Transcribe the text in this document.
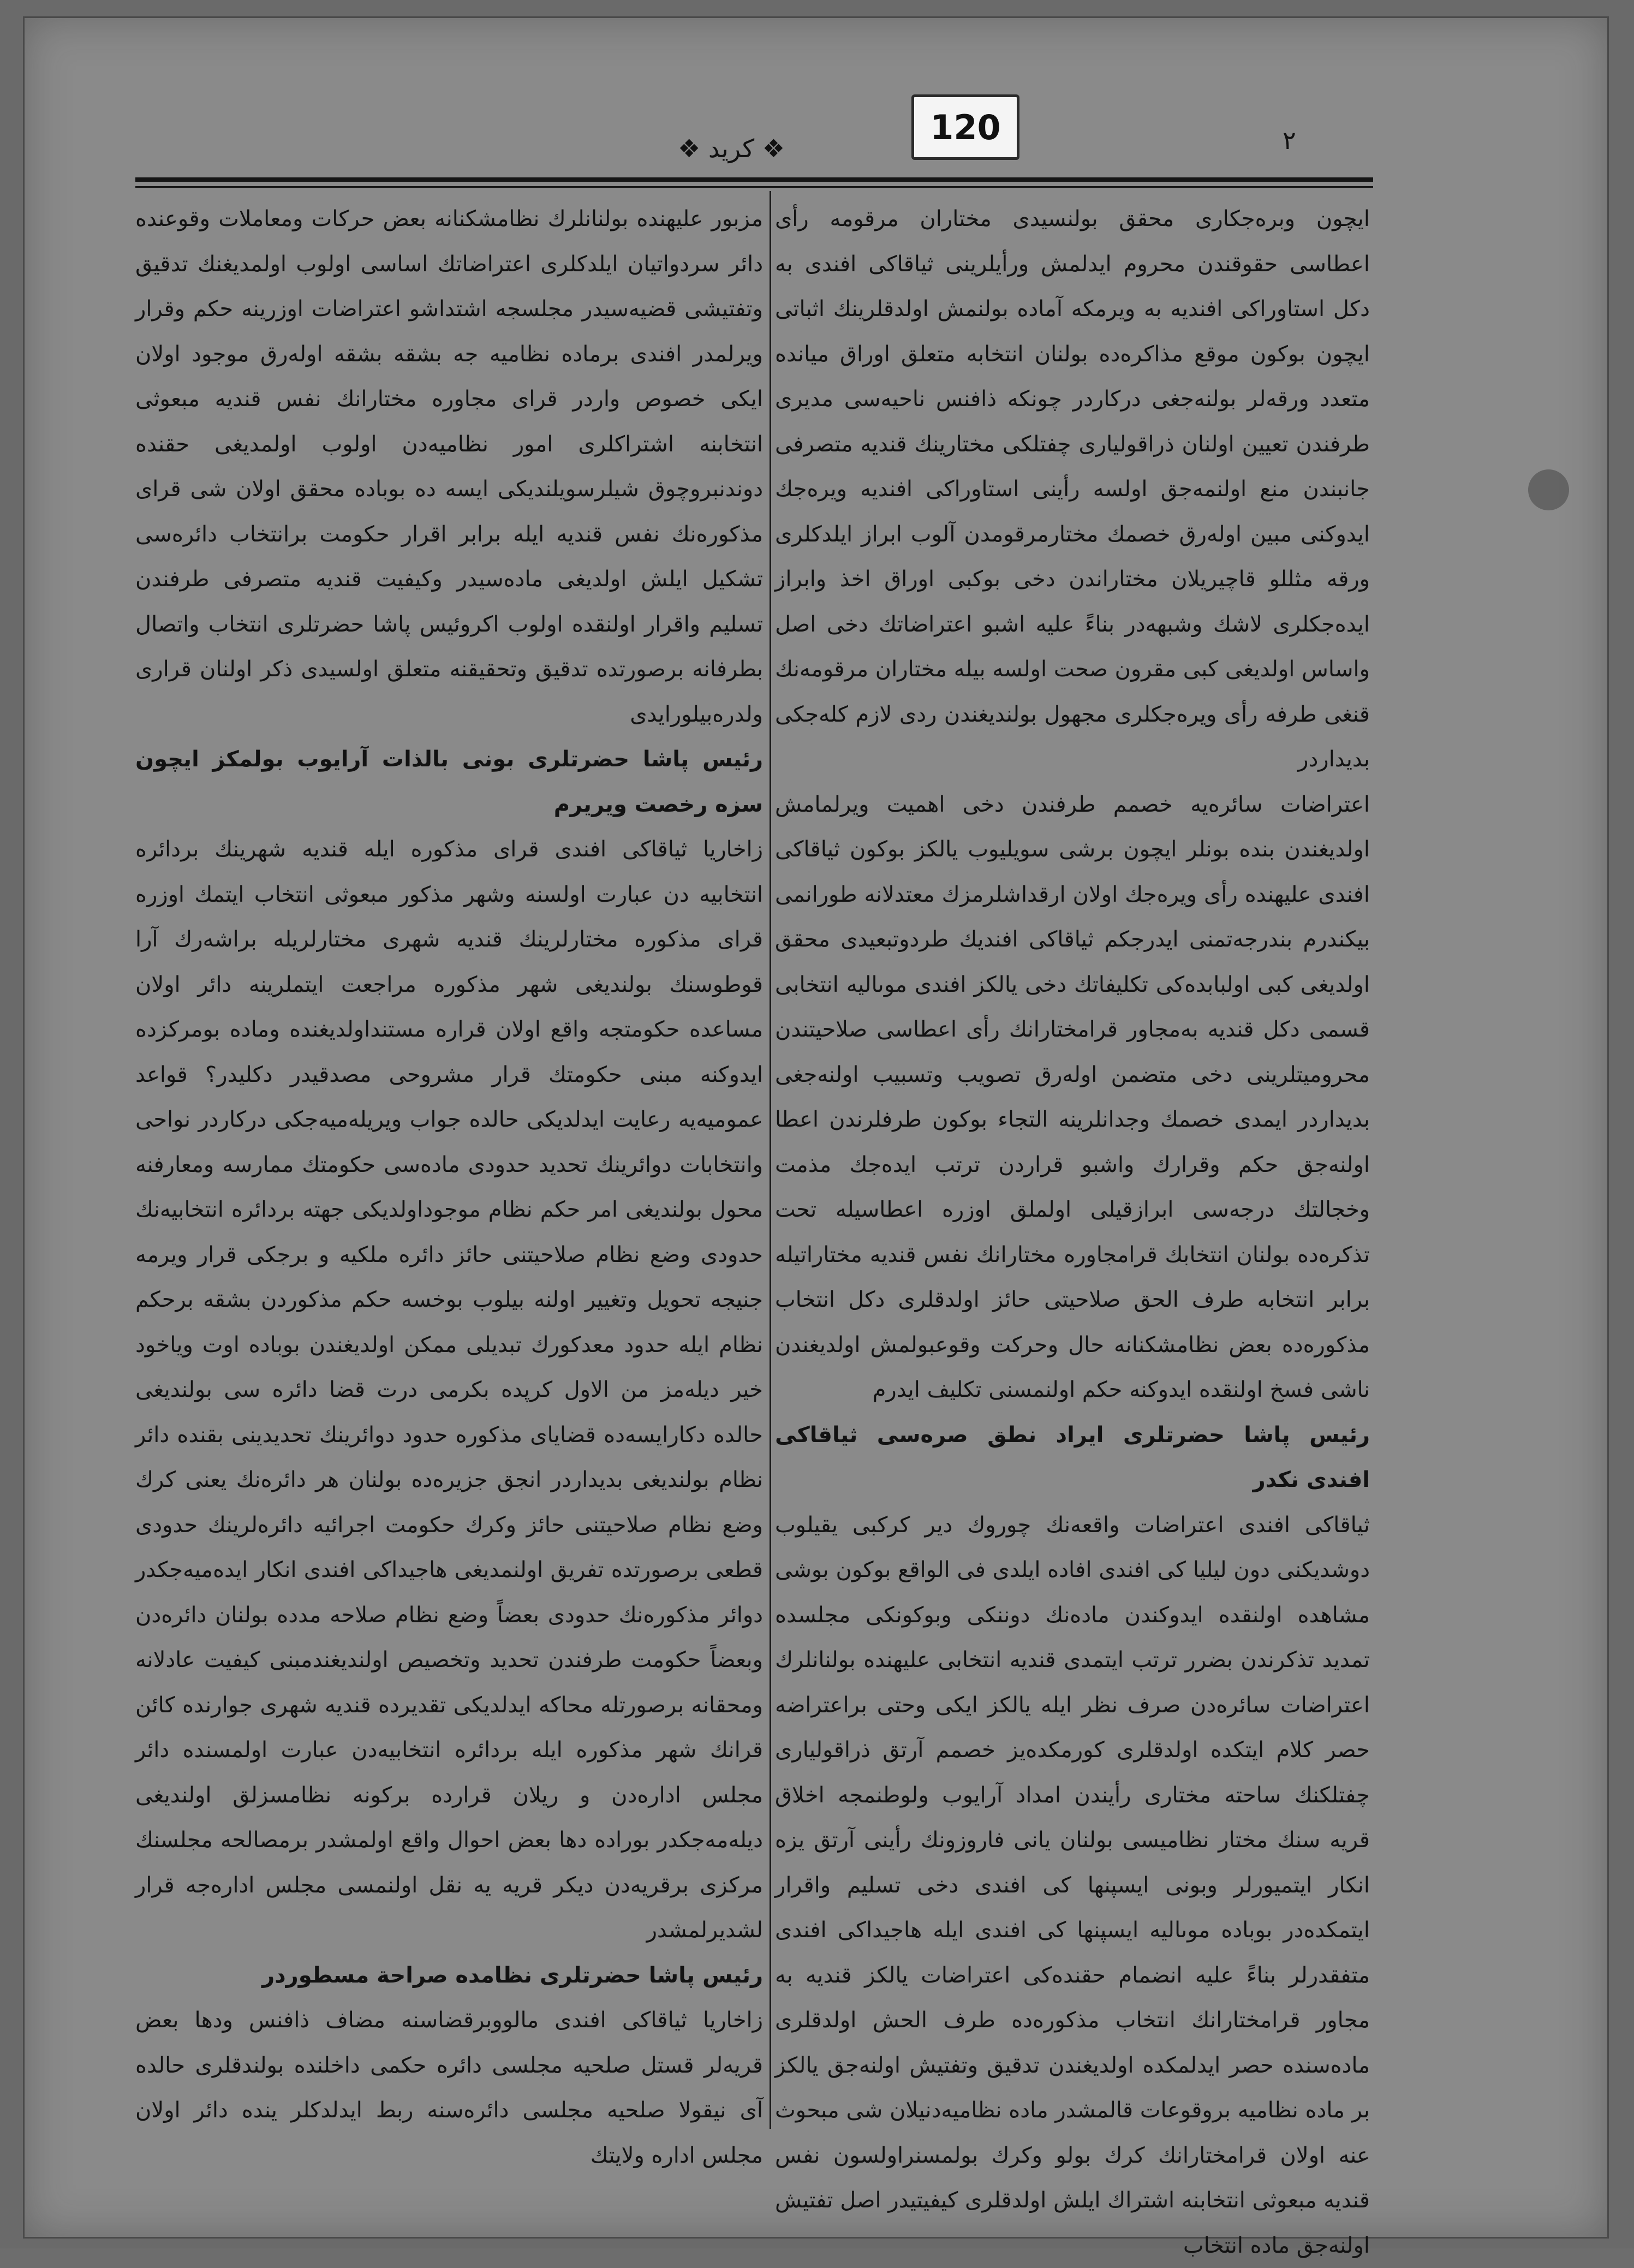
120	٢
❖ كريد ❖

ايچون وبره‌جكارى محقق بولنسيدى مختاران مرقومه رأى اعطاسى حقوقندن محروم ايدلمش ورأيلرينى ثياقاكى افندى به دكل استاوراكى افنديه‌ به ويرمكه آماده بولنمش اولدقلرينك اثباتى ايچون بوكون موقع مذاكره‌ده بولنان انتخابه متعلق اوراق ميانده متعدد ورقه‌لر بولنه‌جغى دركاردر چونكه ذافنس ناحيه‌سى مديرى طرفندن تعيين اولنان ذراقوليارى چفتلكى مختارينك قنديه متصرفى جانبندن منع اولنمه‌جق اولسه رأينى استاوراكى افنديه ويره‌جك ايدوكنى مبين اوله‌رق خصمك مختارمرقومدن آلوب ابراز ايلدكلرى ورقه مثللو قاچيريلان مختاراندن دخى بوكبى اوراق اخذ وابراز ايده‌جكلرى لاشك وشبهه‌در بناءً عليه اشبو اعتراضاتك دخى اصل واساس اولديغى كبى مقرون صحت اولسه بيله مختاران مرقومه‌نك قنغى طرفه رأى ويره‌جكلرى مجهول بولنديغندن ردى لازم كله‌جكى بديداردر

اعتراضات سائره‌يه خصمم طرفندن دخى اهميت ويرلمامش اولديغندن بنده بونلر ايچون برشى سويليوب يالكز بوكون ثياقاكى افندى عليهنده رأى ويره‌جك اولان ارقداشلرمزك معتدلانه طورانمى بيكندرم بندرجه‌تمنى ايدرجكم ثياقاكى افنديك طردوتبعيدى محقق اولديغى كبى اولبابده‌كى تكليفاتك دخى يالكز افندى موىاليه انتخابى قسمى دكل قنديه به‌مجاور قرامختارانك رأى اعطاسى صلاحيتندن محروميتلرينى دخى متضمن اوله‌رق تصويب وتسبيب اولنه‌جغى بديداردر ايمدى خصمك وجدانلرينه التجاء بوكون طرفلرندن اعطا اولنه‌جق حكم وقرارك واشبو قراردن ترتب ايده‌جك مذمت وخجالتك درجه‌سى ابرازقيلى اولملق اوزره اعطاسيله تحت تذكره‌ده بولنان انتخابك قرامجاوره مختارانك نفس قنديه مختاراتيله برابر انتخابه طرف الحق صلاحيتى حائز اولدقلرى دكل انتخاب مذكوره‌ده بعض نظامشكنانه حال وحركت وقوعبولمش اولديغندن ناشى فسخ اولنقده ايدوكنه حكم اولنمسنى تكليف ايدرم

رئيس پاشا حضرتلرى ايراد نطق صره‌سى ثياقاكى افندى نكدر

ثياقاكى افندى اعتراضات واقعه‌نك چوروك دير كركبى يقيلوب دوشديكنى دون ليليا كى افندى افاده ايلدى فى الواقع بوكون بوشى مشاهده اولنقده ايدوكندن ماده‌نك دوننكى وبوكونكى مجلسده تمديد تذكرندن بضرر ترتب ايتمدى قنديه انتخابى عليهنده بولنانلرك اعتراضات سائره‌دن صرف نظر ايله يالكز ايكى وحتى براعتراضه حصر كلام ايتكده اولدقلرى كورمكده‌يز خصمم آرتق ذراقوليارى چفتلكنك ساحته مختارى رأيندن امداد آرايوب ولوطنمجه اخلاق قريه سنك مختار نظاميسى بولنان يانى فاروزونك رأينى آرتق يزه انكار ايتميورلر وبونى ايسپنها كى افندى دخى تسليم واقرار ايتمكده‌در بوباده موىاليه ايسپنها كى افندى ايله هاجيداكى افندى متفقدرلر بناءً عليه انضمام حقنده‌كى اعتراضات يالكز قنديه به مجاور قرامختارانك انتخاب مذكوره‌ده طرف الحش اولدقلرى ماده‌سنده حصر ايدلمكده اولديغندن تدقيق وتفتيش اولنه‌جق يالكز بر ماده نظاميه بروقوعات قالمشدر ماده نظاميه‌دنيلان شى مبحوث عنه اولان قرامختارانك كرك بولو وكرك بولمسنراولسون نفس قنديه مبعوثى انتخابنه اشتراك ايلش اولدقلرى كيفيتيدر اصل تفتيش اولنه‌جق ماده انتخاب

مزبور عليهنده بولنانلرك نظامشكنانه بعض حركات ومعاملات وقوعنده دائر سردواتيان ايلدكلرى اعتراضاتك اساسى اولوب اولمديغنك تدقيق وتفتيشى قضيه‌سيدر مجلسجه اشتداشو اعتراضات اوزرينه حكم وقرار ويرلمدر افندى برماده نظاميه جه بشقه بشقه اوله‌رق موجود اولان ايكى خصوص واردر قراى مجاوره مختارانك نفس قنديه مبعوثى انتخابنه اشتراكلرى امور نظاميه‌دن اولوب اولمديغى حقنده دوندنبروچوق شيلرسويلنديكى ايسه ده بوباده محقق اولان شى قراى مذكوره‌نك نفس قنديه ايله برابر اقرار حكومت برانتخاب دائره‌سى تشكيل ايلش اولديغى ماده‌سيدر وكيفيت قنديه متصرفى طرفندن تسليم واقرار اولنقده اولوب اكروئيس پاشا حضرتلرى انتخاب واتصال بطرفانه برصورتده تدقيق وتحقيقنه متعلق اولسيدى ذكر اولنان قرارى ولدره‌بيلورايدى

رئيس پاشا حضرتلرى بونى بالذات آرايوب بولمكز ايچون سزه رخصت ويريرم

زاخاريا ثياقاكى افندى قراى مذكوره ايله قنديه شهرينك بردائره انتخابيه دن عبارت اولسنه وشهر مذكور مبعوثى انتخاب ايتمك اوزره قراى مذكوره مختارلرينك قنديه شهرى مختارلريله براشه‌رك آرا قوطوسنك بولنديغى شهر مذكوره مراجعت ايتملرينه دائر اولان مساعده حكومتجه واقع اولان قراره مستنداولديغنده وماده بومركزده ايدوكنه مبنى حكومتك قرار مشروحى مصدقيدر دكليدر؟ قواعد عموميه‌يه رعايت ايدلديكى حالده جواب ويريله‌ميه‌جكى دركاردر نواحى وانتخابات دوائرينك تحديد حدودى ماده‌سى حكومتك ممارسه ومعارفنه محول بولنديغى امر حكم نظام موجوداولديكى جهته بردائره انتخابيه‌نك حدودى وضع نظام صلاحيتنى حائز دائره ملكيه و برجكى قرار ويرمه جنيجه تحويل وتغيير اولنه بيلوب بوخسه حكم مذكوردن بشقه برحكم نظام ايله حدود معدكورك تبديلى ممكن اولديغندن بوباده اوت وياخود خير ديله‌مز من الاول كرپده بكرمى درت قضا دائره سى بولنديغى حالده دكارايسه‌ده قضاياى مذكوره حدود دوائرينك تحديدينى بقنده دائر نظام بولنديغى بديداردر انجق جزيره‌ده بولنان هر دائره‌نك يعنى كرك وضع نظام صلاحيتنى حائز وكرك حكومت اجرائيه دائره‌لرينك حدودى قطعى برصورتده تفريق اولنمديغى هاجيداكى افندى انكار ايده‌ميه‌جكدر دوائر مذكوره‌نك حدودى بعضاً وضع نظام صلاحه مدده بولنان دائره‌دن وبعضاً حكومت طرفندن تحديد وتخصيص اولنديغندمبنى كيفيت عادلانه ومحقانه برصورتله محاكه ايدلديكى تقديرده قنديه شهرى جوارنده كائن قرانك شهر مذكوره ايله بردائره انتخابيه‌دن عبارت اولمسنده دائر مجلس اداره‌دن و ريلان قرارده بركونه نظامسزلق اولنديغى ديله‌مه‌جكدر بوراده دها بعض احوال واقع اولمشدر برمصالحه مجلسنك مركزى برقريه‌دن ديكر قريه يه نقل اولنمسى مجلس اداره‌جه قرار لشديرلمشدر

رئيس پاشا حضرتلرى نظامده صراحة مسطوردر

زاخاريا ثياقاكى افندى مالووبرقضاسنه مضاف ذافنس ودها بعض قريه‌لر قستل صلحيه مجلسى دائره حكمى داخلنده بولندقلرى حالده آى نيقولا صلحيه مجلسى دائره‌سنه ربط ايدلدكلر ينده دائر اولان مجلس اداره ولايتك
